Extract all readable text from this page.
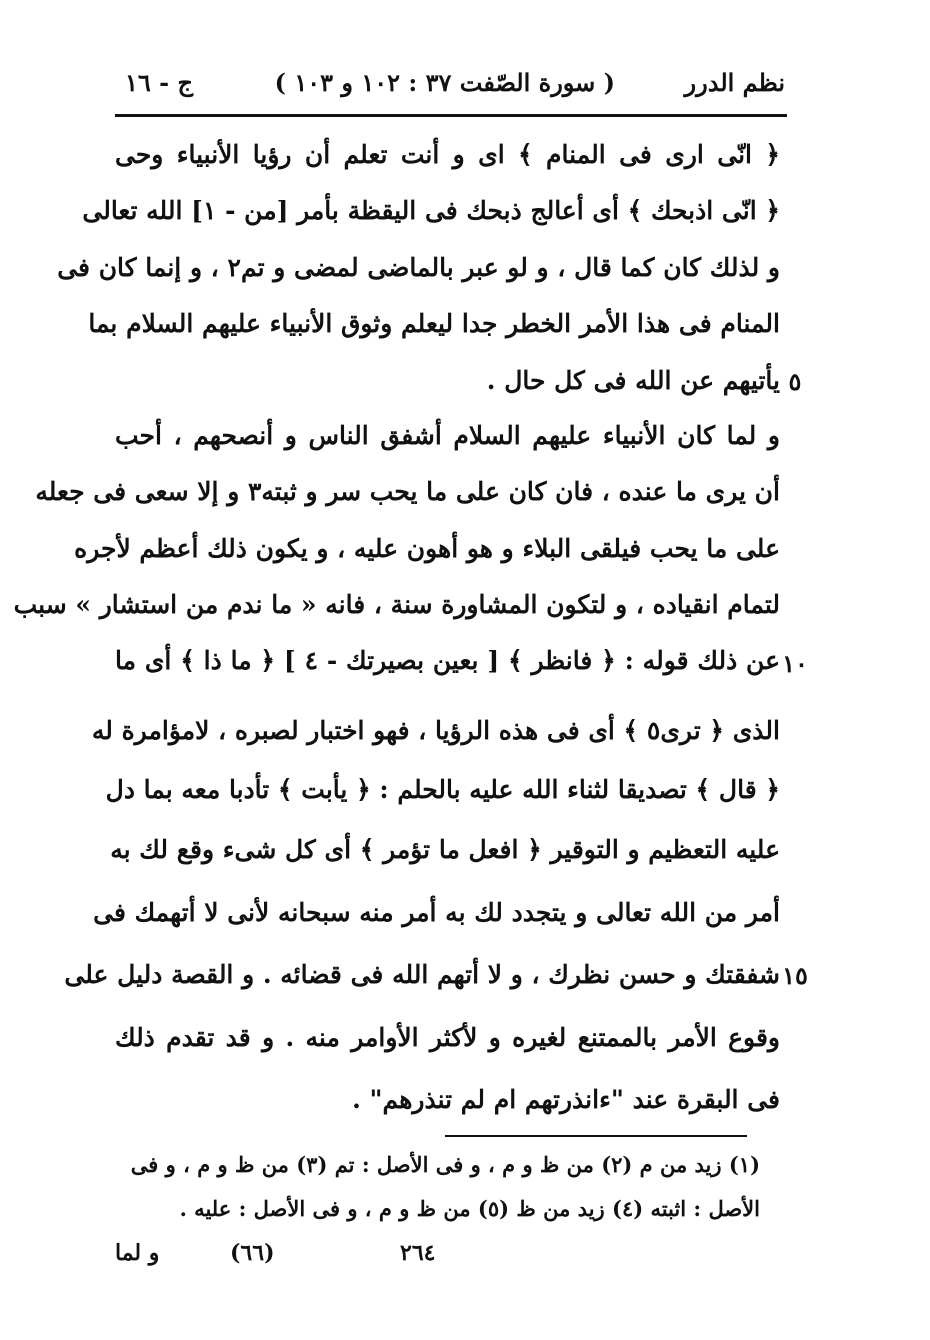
نظم الدرر
( سورة الصّفت ٣٧ : ١٠٢ و ١٠٣ )
ج - ١٦
﴿ انّی اری فی المنام ﴾ ای و أنت تعلم أن رؤیا الأنبیاء وحی
﴿ انّی اذبحك ﴾ أی أعالج ذبحك فی الیقظة بأمر [من - ١] الله تعالی
و لذلك كان كما قال ، و لو عبر بالماضی لمضی و تم٢ ، و إنما كان فی
المنام فی هذا الأمر الخطر جدا لیعلم وثوق الأنبیاء علیهم السلام بما
یأتیهم عن الله فی كل حال . ٥
و لما كان الأنبیاء علیهم السلام أشفق الناس و أنصحهم ، أحب
أن یری ما عنده ، فان كان علی ما یحب سر و ثبته٣ و إلا سعی فی جعله
علی ما یحب فیلقی البلاء و هو أهون علیه ، و یكون ذلك أعظم لأجره
لتمام انقیاده ، و لتكون المشاورة سنة ، فانه « ما ندم من استشار » سبب
عن ذلك قوله : ﴿ فانظر ﴾ [ بعین بصیرتك - ٤ ] ﴿ ما ذا ﴾ أی ما ١٠
الذی ﴿ تری٥ ﴾ أی فی هذه الرؤیا ، فهو اختبار لصبره ، لامؤامرة له
﴿ قال ﴾ تصدیقا لثناء الله علیه بالحلم : ﴿ یأبت ﴾ تأدبا معه بما دل
علیه التعظیم و التوقیر ﴿ افعل ما تؤمر ﴾ أی كل شیء وقع لك به
أمر من الله تعالی و یتجدد لك به أمر منه سبحانه لأنی لا أتهمك فی
شفقتك و حسن نظرك ، و لا أتهم الله فی قضائه . و القصة دلیل علی ١٥
وقوع الأمر بالممتنع لغیره و لأكثر الأوامر منه . و قد تقدم ذلك
فی البقرة عند "ءانذرتهم ام لم تنذرهم" .
(١) زید من م (٢) من ظ و م ، و فی الأصل : تم (٣) من ظ و م ، و فی
الأصل : اثبته (٤) زید من ظ (٥) من ظ و م ، و فی الأصل : علیه .
٢٦٤
(٦٦)
و لما
